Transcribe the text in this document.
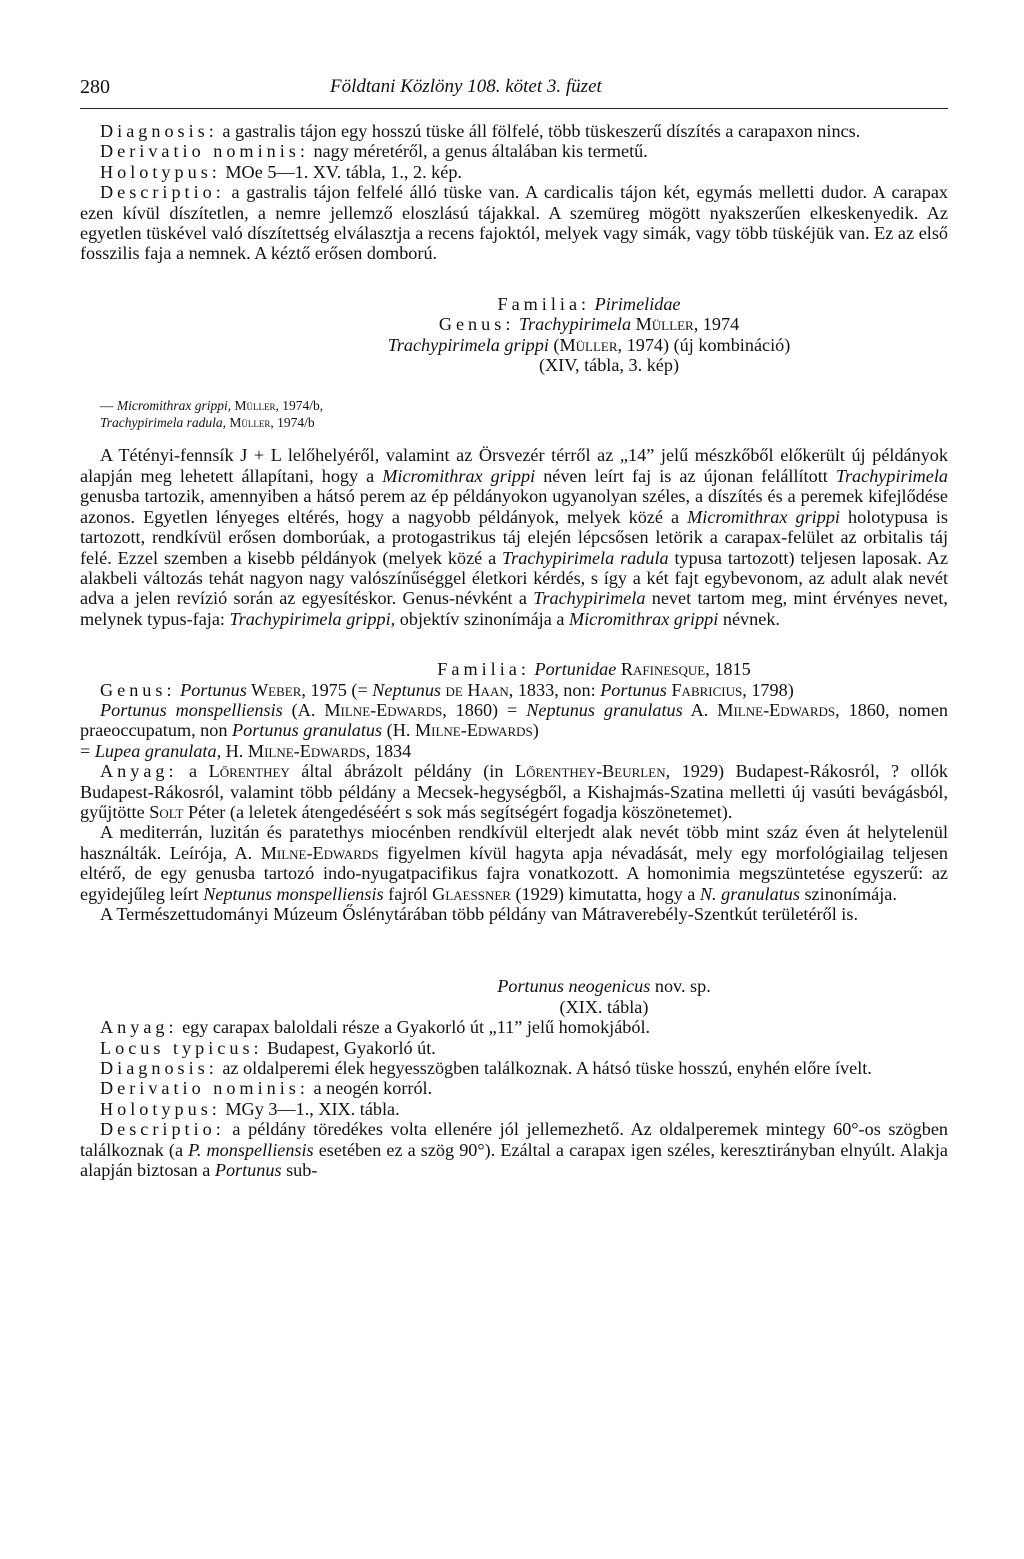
280	Földtani Közlöny 108. kötet 3. füzet

Diagnosis: a gastralis tájon egy hosszú tüske áll fölfelé, több tüskeszerű díszítés a carapaxon nincs.

Derivatio nominis: nagy méretéről, a genus általában kis termetű.

Holotypus: MOe 5—1. XV. tábla, 1., 2. kép.

Descriptio: a gastralis tájon felfelé álló tüske van. A cardicalis tájon két, egymás melletti dudor. A carapax ezen kívül díszítetlen, a nemre jellemző eloszlású tájakkal. A szemüreg mögött nyakszerűen elkeskenyedik. Az egyetlen tüskével való díszítettség elválasztja a recens fajoktól, melyek vagy simák, vagy több tüskéjük van. Ez az első fosszilis faja a nemnek. A kéztő erősen domború.

Familia: Pirimelidae

Genus: Trachypirimela Müller, 1974

Trachypirimela grippi (Müller, 1974) (új kombináció)

(XIV, tábla, 3. kép)

— Micromithrax grippi, Müller, 1974/b,

Trachypirimela radula, Müller, 1974/b

A Tétényi-fennsík J + L lelőhelyéről, valamint az Örsvezér térről az „14” jelű mészkőből előkerült új példányok alapján meg lehetett állapítani, hogy a Micromithrax grippi néven leírt faj is az újonan felállított Trachypirimela genusba tartozik, amennyiben a hátsó perem az ép példányokon ugyanolyan széles, a díszítés és a peremek kifejlődése azonos. Egyetlen lényeges eltérés, hogy a nagyobb példányok, melyek közé a Micromithrax grippi holotypusa is tartozott, rendkívül erősen domborúak, a protogastrikus táj elején lépcsősen letörik a carapax-felület az orbitalis táj felé. Ezzel szemben a kisebb példányok (melyek közé a Trachypirimela radula typusa tartozott) teljesen laposak. Az alakbeli változás tehát nagyon nagy valószínűséggel életkori kérdés, s így a két fajt egybevonom, az adult alak nevét adva a jelen revízió során az egyesítéskor. Genus-névként a Trachypirimela nevet tartom meg, mint érvényes nevet, melynek typus-faja: Trachypirimela grippi, objektív szinonímája a Micromithrax grippi névnek.

Familia: Portunidae Rafinesque, 1815

Genus: Portunus Weber, 1975 (= Neptunus de Haan, 1833, non: Portunus Fabricius, 1798)

Portunus monspelliensis (A. Milne-Edwards, 1860) = Neptunus granulatus A. Milne-Edwards, 1860, nomen praeoccupatum, non Portunus granulatus (H. Milne-Edwards)

= Lupea granulata, H. Milne-Edwards, 1834

Anyag: a Lőrenthey által ábrázolt példány (in Lőrenthey-Beurlen, 1929) Budapest-Rákosról, ? ollók Budapest-Rákosról, valamint több példány a Mecsek-hegységből, a Kishajmás-Szatina melletti új vasúti bevágásból, gyűjtötte Solt Péter (a leletek átengedéséért s sok más segítségért fogadja köszönetemet).

A mediterrán, luzitán és paratethys miocénben rendkívül elterjedt alak nevét több mint száz éven át helytelenül használták. Leírója, A. Milne-Edwards figyelmen kívül hagyta apja névadását, mely egy morfológiailag teljesen eltérő, de egy genusba tartozó indo-nyugatpacifikus fajra vonatkozott. A homonimia megszüntetése egyszerű: az egyidejűleg leírt Neptunus monspelliensis fajról Glaessner (1929) kimutatta, hogy a N. granulatus szinonímája.

A Természettudományi Múzeum Őslénytárában több példány van Mátraverebély-Szentkút területéről is.

Portunus neogenicus nov. sp.

(XIX. tábla)

Anyag: egy carapax baloldali része a Gyakorló út „11” jelű homokjából.

Locus typicus: Budapest, Gyakorló út.

Diagnosis: az oldalperemi élek hegyesszögben találkoznak. A hátsó tüske hosszú, enyhén előre ívelt.

Derivatio nominis: a neogén korról.

Holotypus: MGy 3—1., XIX. tábla.

Descriptio: a példány töredékes volta ellenére jól jellemezhető. Az oldalperemek mintegy 60°-os szögben találkoznak (a P. monspelliensis esetében ez a szög 90°). Ezáltal a carapax igen széles, keresztirányban elnyúlt. Alakja alapján biztosan a Portunus sub-
